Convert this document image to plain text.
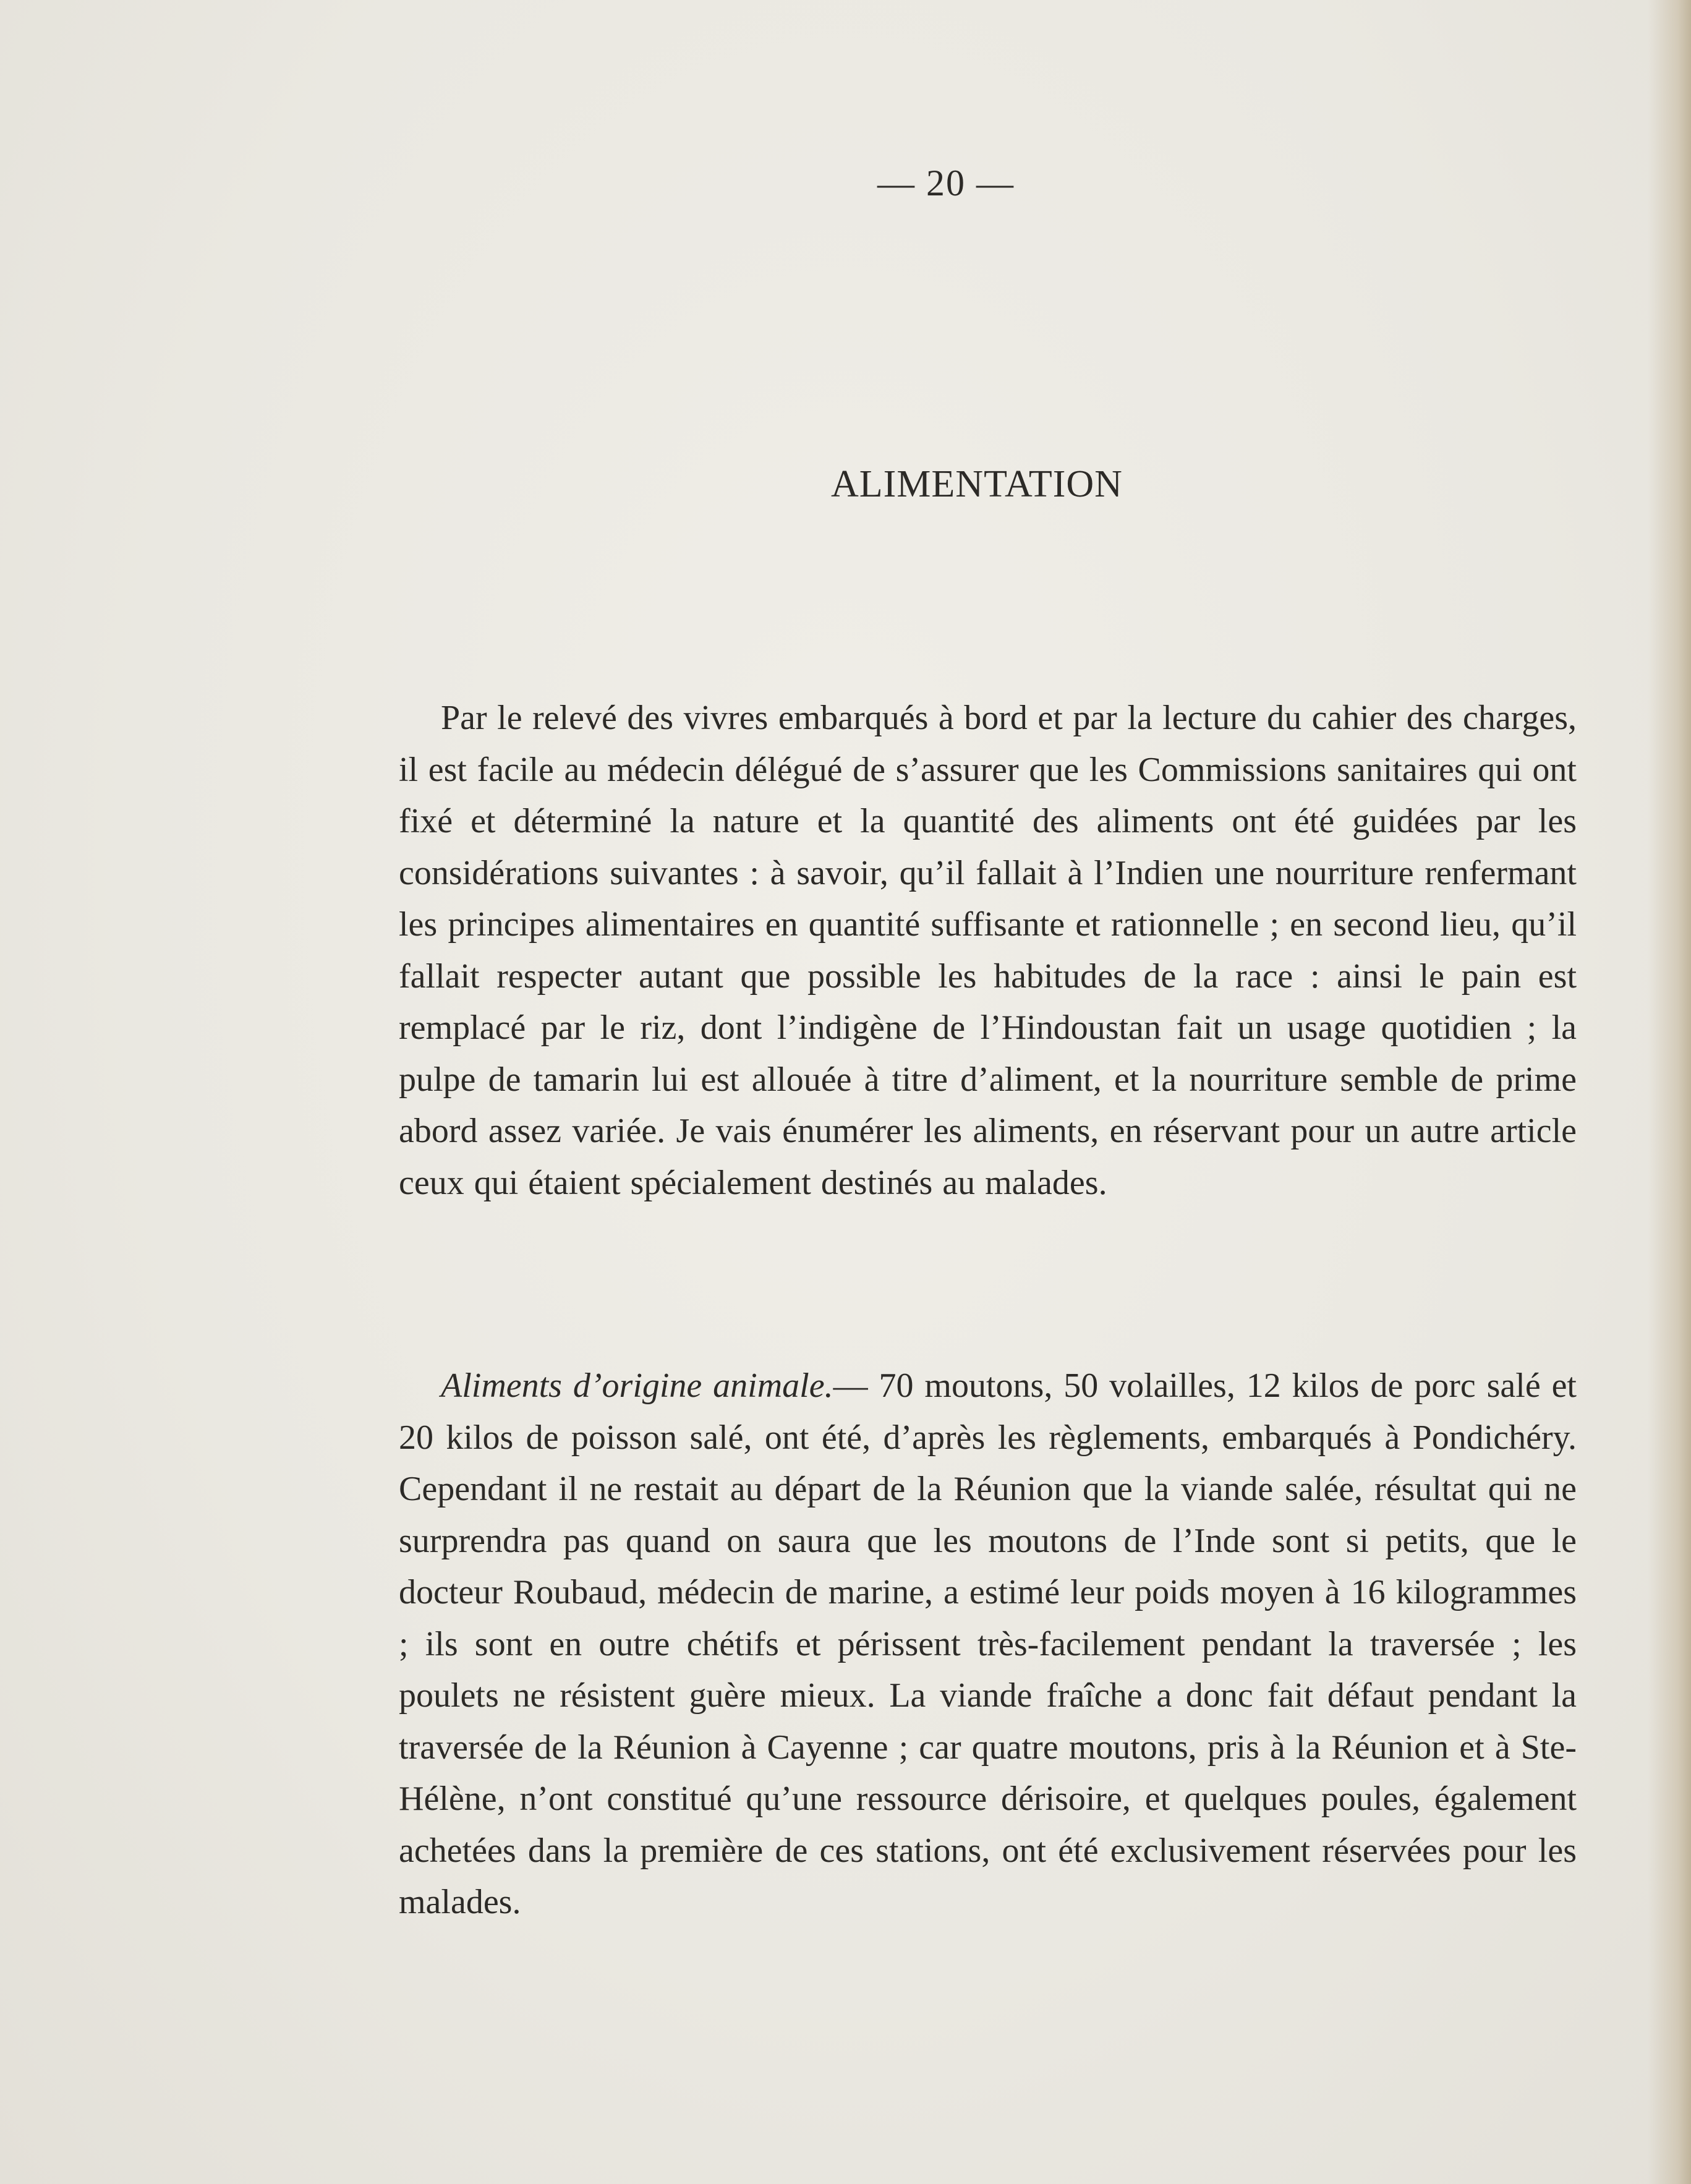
— 20 —
ALIMENTATION

Par le relevé des vivres embarqués à bord et par la lecture du cahier des charges, il est facile au médecin délégué de s’assurer que les Commissions sanitaires qui ont fixé et déterminé la nature et la quantité des aliments ont été guidées par les considérations suivantes : à savoir, qu’il fallait à l’Indien une nourriture renfermant les principes alimentaires en quantité suffisante et rationnelle ; en second lieu, qu’il fallait respecter autant que possible les habitudes de la race : ainsi le pain est remplacé par le riz, dont l’indigène de l’Hindoustan fait un usage quotidien ; la pulpe de tamarin lui est allouée à titre d’aliment, et la nourriture semble de prime abord assez variée. Je vais énumérer les aliments, en réservant pour un autre article ceux qui étaient spécialement destinés au malades.

Aliments d’origine animale.— 70 moutons, 50 volailles, 12 kilos de porc salé et 20 kilos de poisson salé, ont été, d’après les règlements, embarqués à Pondichéry. Cependant il ne restait au départ de la Réunion que la viande salée, résultat qui ne surprendra pas quand on saura que les moutons de l’Inde sont si petits, que le docteur Roubaud, médecin de marine, a estimé leur poids moyen à 16 kilogrammes ; ils sont en outre chétifs et périssent très-facilement pendant la traversée ; les poulets ne résistent guère mieux. La viande fraîche a donc fait défaut pendant la traversée de la Réunion à Cayenne ; car quatre moutons, pris à la Réunion et à Ste-Hélène, n’ont constitué qu’une ressource dérisoire, et quelques poules, également achetées dans la première de ces stations, ont été exclusivement réservées pour les malades.
